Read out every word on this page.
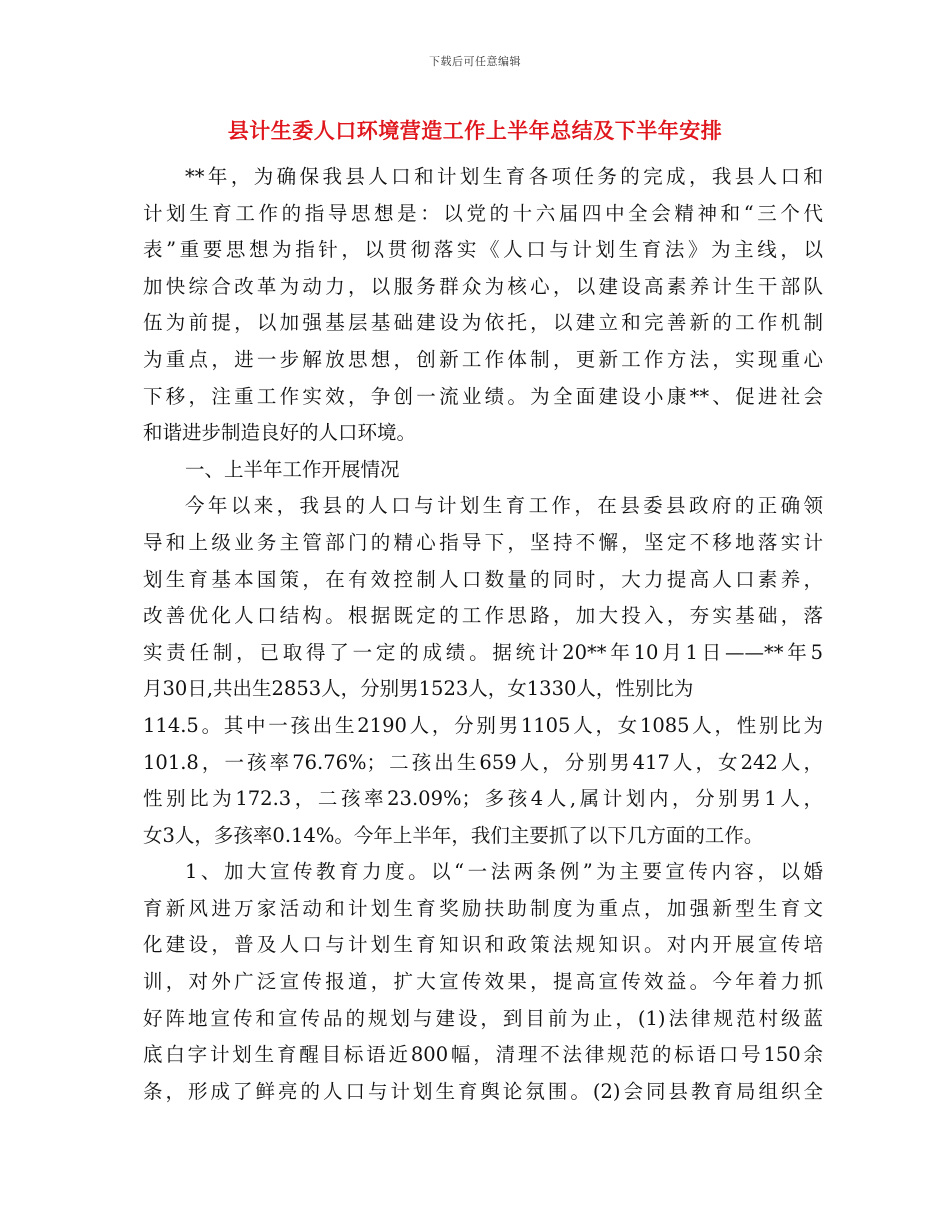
下载后可任意编辑
县计生委人口环境营造工作上半年总结及下半年安排
**年，为确保我县人口和计划生育各项任务的完成，我县人口和
计划生育工作的指导思想是：以党的十六届四中全会精神和“三个代
表”重要思想为指针，以贯彻落实《人口与计划生育法》为主线，以
加快综合改革为动力，以服务群众为核心，以建设高素养计生干部队
伍为前提，以加强基层基础建设为依托，以建立和完善新的工作机制
为重点，进一步解放思想，创新工作体制，更新工作方法，实现重心
下移，注重工作实效，争创一流业绩。为全面建设小康**、促进社会
和谐进步制造良好的人口环境。
一、上半年工作开展情况
今年以来，我县的人口与计划生育工作，在县委县政府的正确领
导和上级业务主管部门的精心指导下，坚持不懈，坚定不移地落实计
划生育基本国策，在有效控制人口数量的同时，大力提高人口素养，
改善优化人口结构。根据既定的工作思路，加大投入，夯实基础，落
实责任制，已取得了一定的成绩。据统计20**年10月1日——**年5
月30日,共出生2853人，分别男1523人，女1330人，性别比为
114.5。其中一孩出生2190人，分别男1105人，女1085人，性别比为
101.8，一孩率76.76%；二孩出生659人，分别男417人，女242人，
性别比为172.3，二孩率23.09%；多孩4人,属计划内，分别男1人，
女3人，多孩率0.14%。今年上半年，我们主要抓了以下几方面的工作。
1、加大宣传教育力度。以“一法两条例”为主要宣传内容，以婚
育新风进万家活动和计划生育奖励扶助制度为重点，加强新型生育文
化建设，普及人口与计划生育知识和政策法规知识。对内开展宣传培
训，对外广泛宣传报道，扩大宣传效果，提高宣传效益。今年着力抓
好阵地宣传和宣传品的规划与建设，到目前为止，(1)法律规范村级蓝
底白字计划生育醒目标语近800幅，清理不法律规范的标语口号150余
条，形成了鲜亮的人口与计划生育舆论氛围。(2)会同县教育局组织全
